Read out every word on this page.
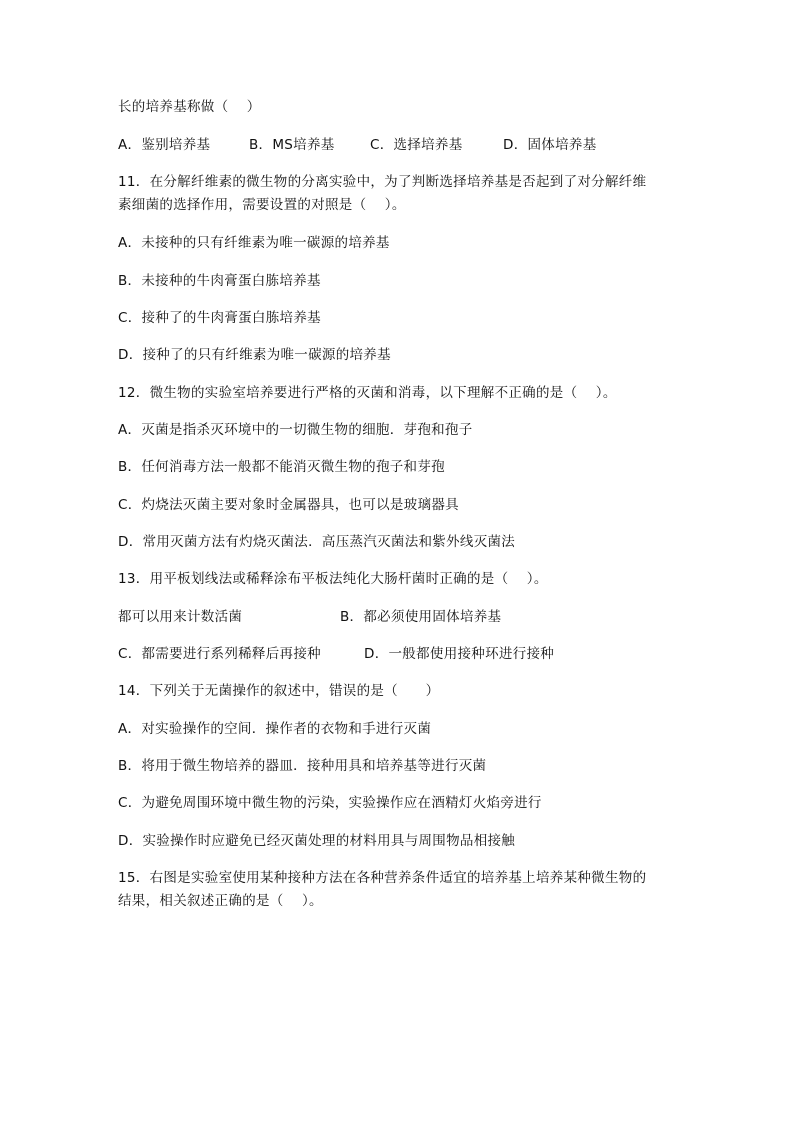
长的培养基称做（　 ）
A．鉴别培养基	B．MS培养基	C．选择培养基	D．固体培养基
11．在分解纤维素的微生物的分离实验中，为了判断选择培养基是否起到了对分解纤维
素细菌的选择作用，需要设置的对照是（　 ）。
A．未接种的只有纤维素为唯一碳源的培养基
B．未接种的牛肉膏蛋白胨培养基
C．接种了的牛肉膏蛋白胨培养基
D．接种了的只有纤维素为唯一碳源的培养基
12．微生物的实验室培养要进行严格的灭菌和消毒，以下理解不正确的是（　 ）。
A．灭菌是指杀灭环境中的一切微生物的细胞．芽孢和孢子
B．任何消毒方法一般都不能消灭微生物的孢子和芽孢
C．灼烧法灭菌主要对象时金属器具，也可以是玻璃器具
D．常用灭菌方法有灼烧灭菌法．高压蒸汽灭菌法和紫外线灭菌法
13．用平板划线法或稀释涂布平板法纯化大肠杆菌时正确的是（　 ）。
都可以用来计数活菌	B．都必须使用固体培养基
C．都需要进行系列稀释后再接种	D．一般都使用接种环进行接种
14．下列关于无菌操作的叙述中，错误的是（　　）
A．对实验操作的空间．操作者的衣物和手进行灭菌
B．将用于微生物培养的器皿．接种用具和培养基等进行灭菌
C．为避免周围环境中微生物的污染，实验操作应在酒精灯火焰旁进行
D．实验操作时应避免已经灭菌处理的材料用具与周围物品相接触
15．右图是实验室使用某种接种方法在各种营养条件适宜的培养基上培养某种微生物的
结果，相关叙述正确的是（　 ）。
